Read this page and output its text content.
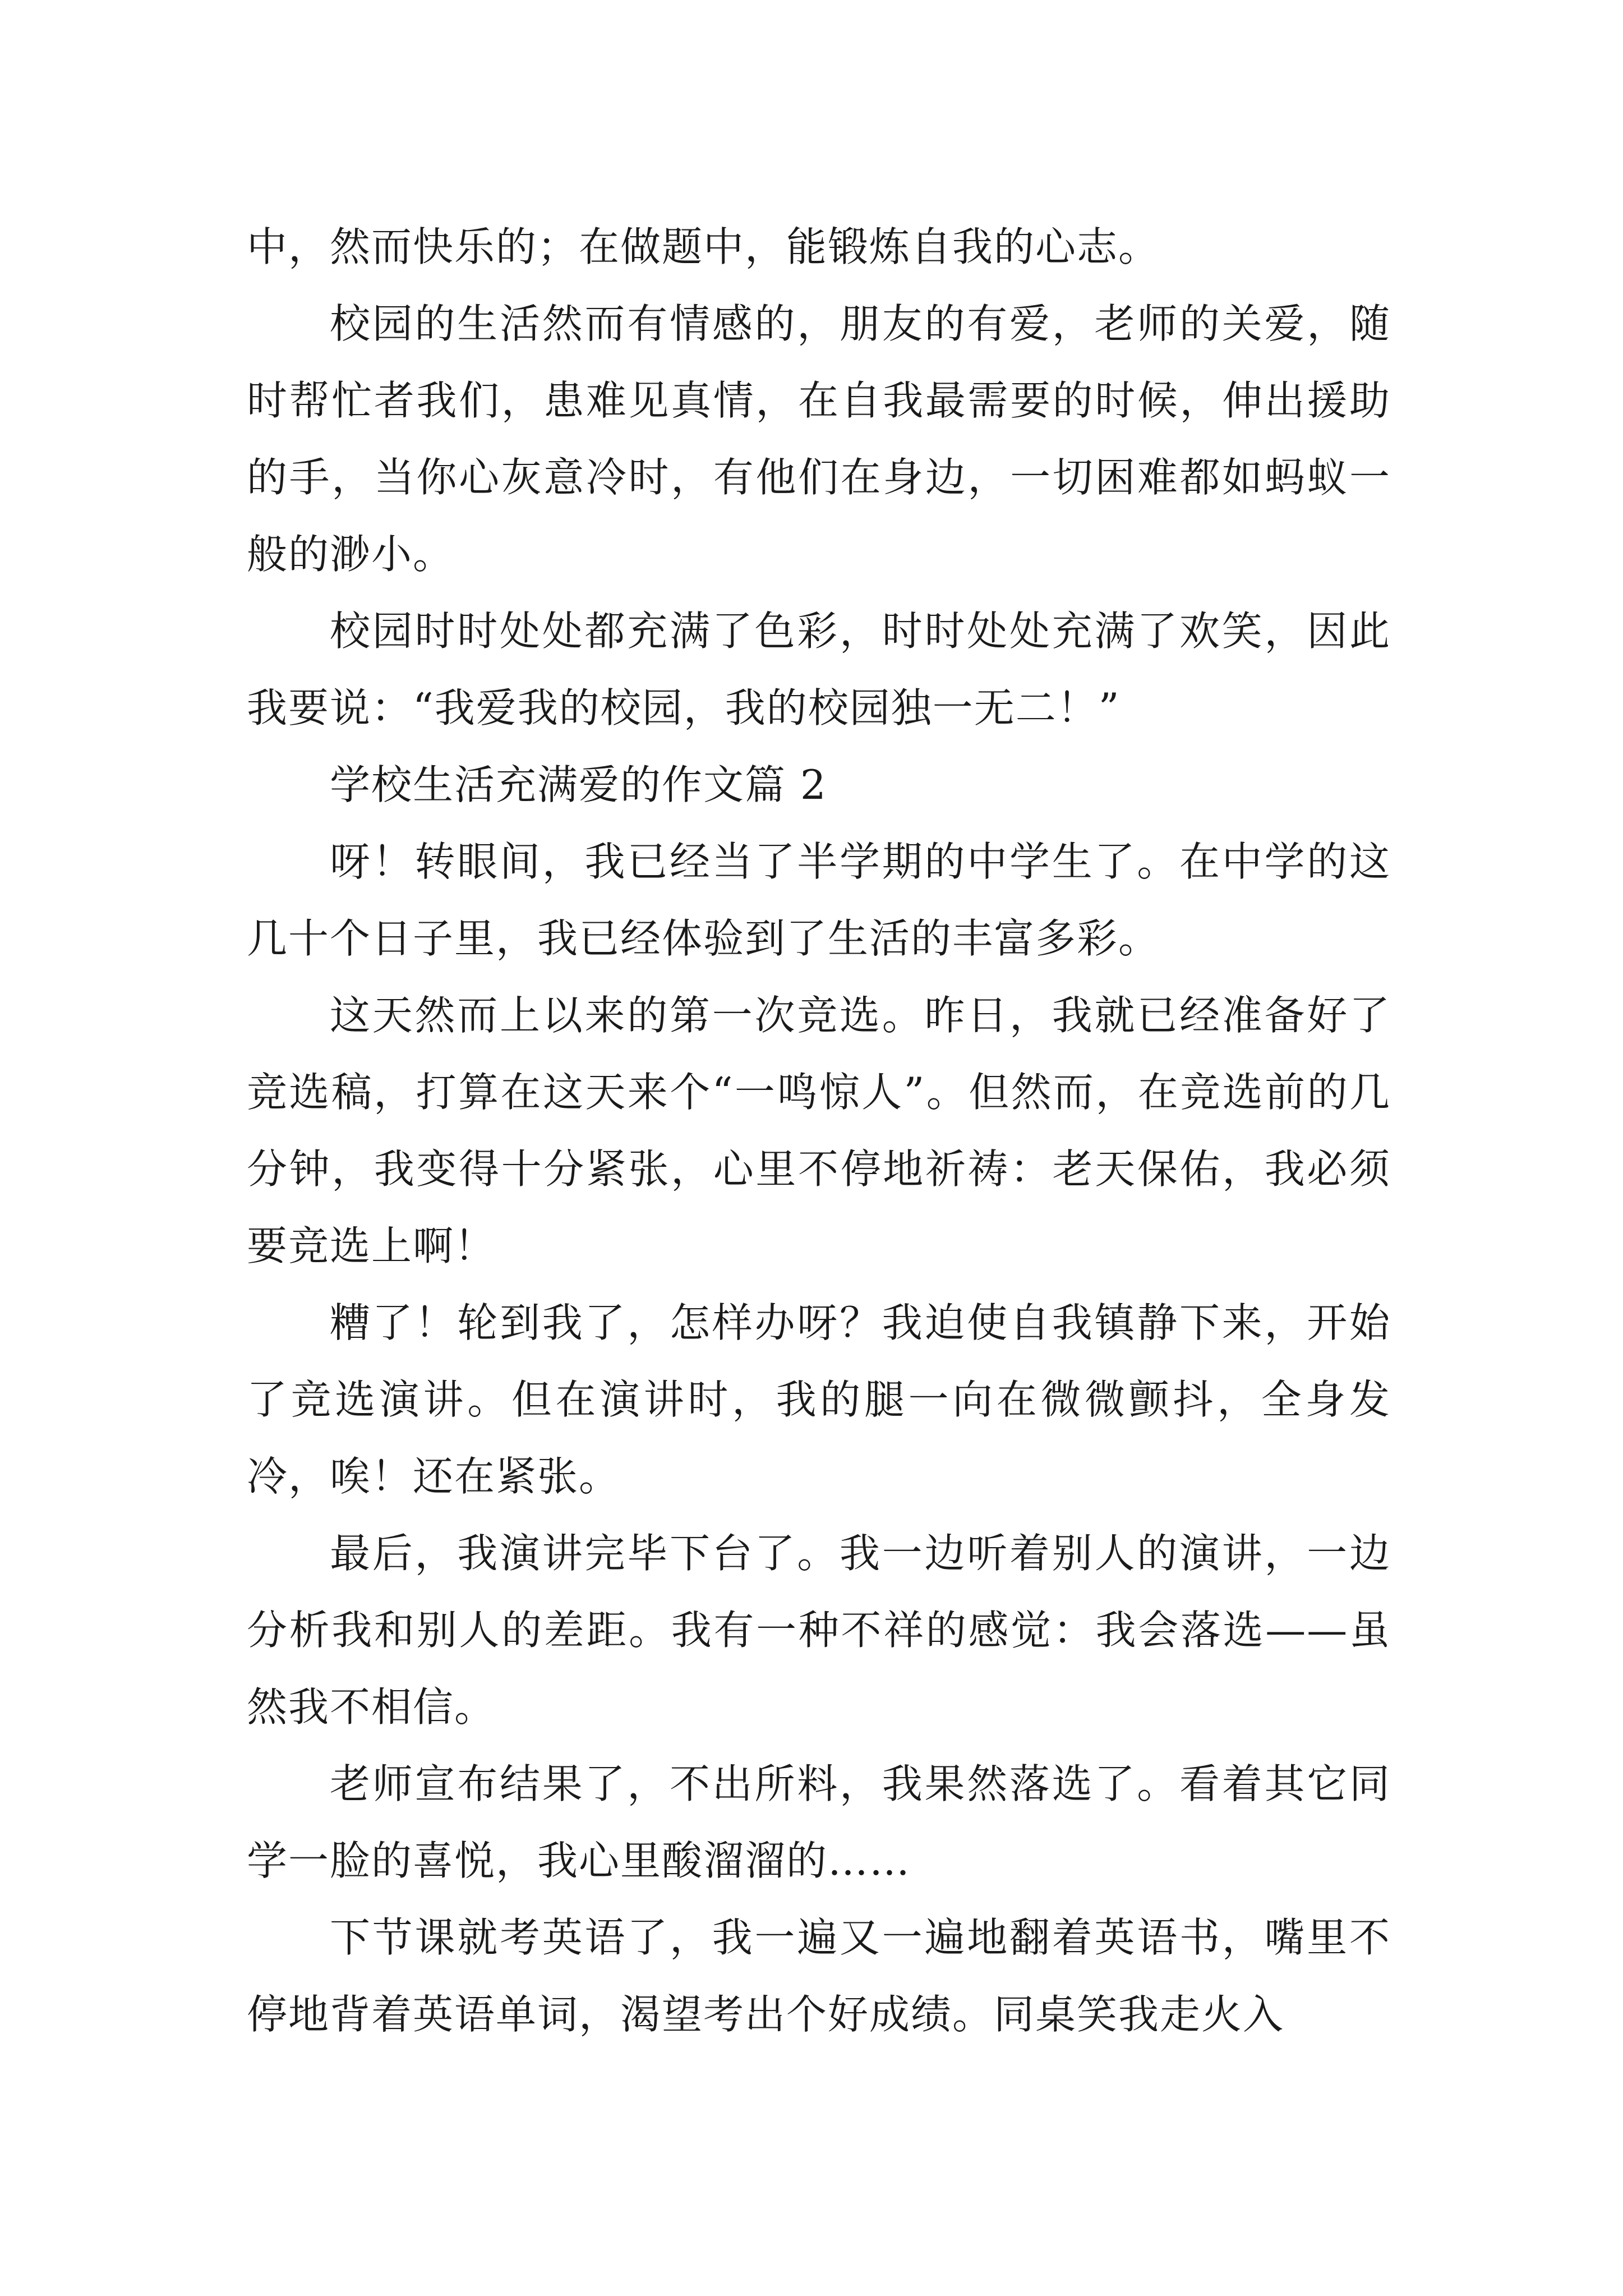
中，然而快乐的；在做题中，能锻炼自我的心志。

校园的生活然而有情感的，朋友的有爱，老师的关爱，随时帮忙者我们，患难见真情，在自我最需要的时候，伸出援助的手，当你心灰意冷时，有他们在身边，一切困难都如蚂蚁一般的渺小。

校园时时处处都充满了色彩，时时处处充满了欢笑，因此我要说：“我爱我的校园，我的校园独一无二！”

学校生活充满爱的作文篇 2

呀！转眼间，我已经当了半学期的中学生了。在中学的这几十个日子里，我已经体验到了生活的丰富多彩。

这天然而上以来的第一次竞选。昨日，我就已经准备好了竞选稿，打算在这天来个“一鸣惊人”。但然而，在竞选前的几分钟，我变得十分紧张，心里不停地祈祷：老天保佑，我必须要竞选上啊！

糟了！轮到我了，怎样办呀？我迫使自我镇静下来，开始了竞选演讲。但在演讲时，我的腿一向在微微颤抖，全身发冷，唉！还在紧张。

最后，我演讲完毕下台了。我一边听着别人的演讲，一边分析我和别人的差距。我有一种不祥的感觉：我会落选——虽然我不相信。

老师宣布结果了，不出所料，我果然落选了。看着其它同学一脸的喜悦，我心里酸溜溜的……

下节课就考英语了，我一遍又一遍地翻着英语书，嘴里不停地背着英语单词，渴望考出个好成绩。同桌笑我走火入
